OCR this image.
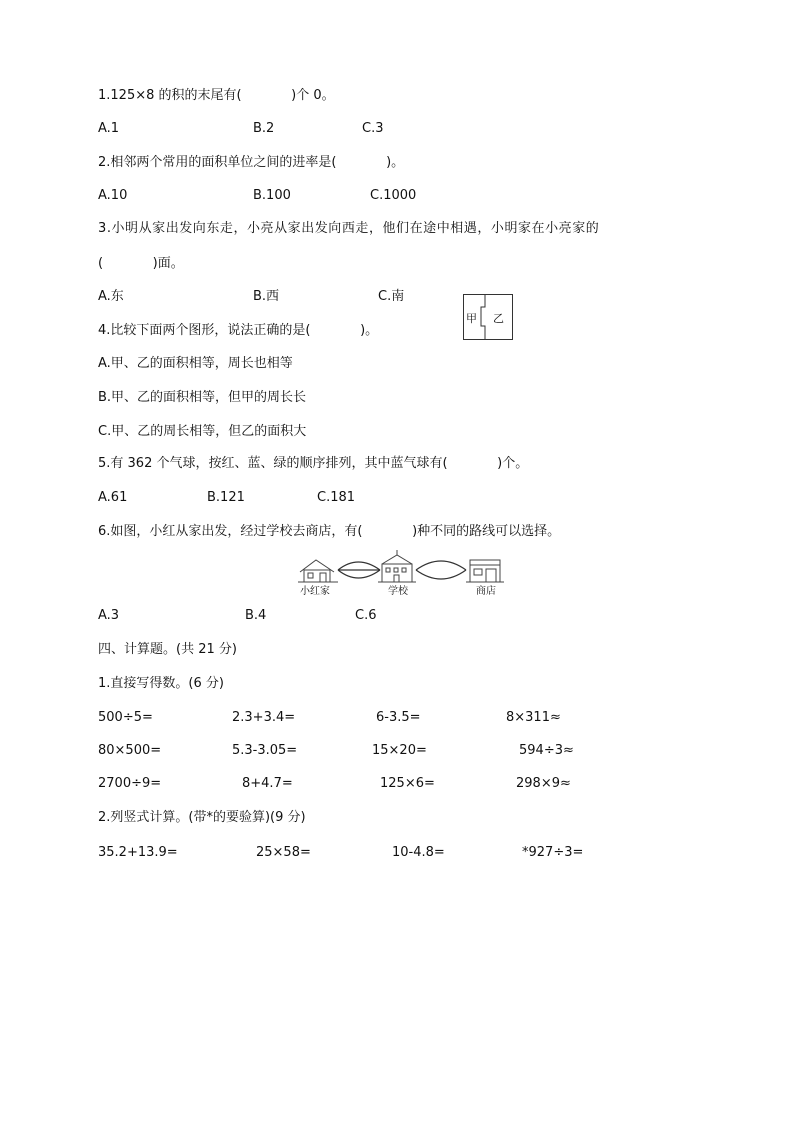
1.125×8 的积的末尾有(            )个 0。
A.1	B.2	C.3
2.相邻两个常用的面积单位之间的进率是(            )。
A.10	B.100	C.1000
3.小明从家出发向东走，小亮从家出发向西走，他们在途中相遇，小明家在小亮家的
(            )面。
A.东	B.西	C.南
4.比较下面两个图形，说法正确的是(            )。
甲 乙
A.甲、乙的面积相等，周长也相等
B.甲、乙的面积相等，但甲的周长长
C.甲、乙的周长相等，但乙的面积大
5.有 362 个气球，按红、蓝、绿的顺序排列，其中蓝气球有(            )个。
A.61	B.121	C.181
6.如图，小红从家出发，经过学校去商店，有(            )种不同的路线可以选择。
小红家	学校	商店
A.3	B.4	C.6
四、计算题。(共 21 分)
1.直接写得数。(6 分)
500÷5=	2.3+3.4=	6-3.5=	8×311≈
80×500=	5.3-3.05=	15×20=	594÷3≈
2700÷9=	8+4.7=	125×6=	298×9≈
2.列竖式计算。(带*的要验算)(9 分)
35.2+13.9=	25×58=	10-4.8=	*927÷3=
